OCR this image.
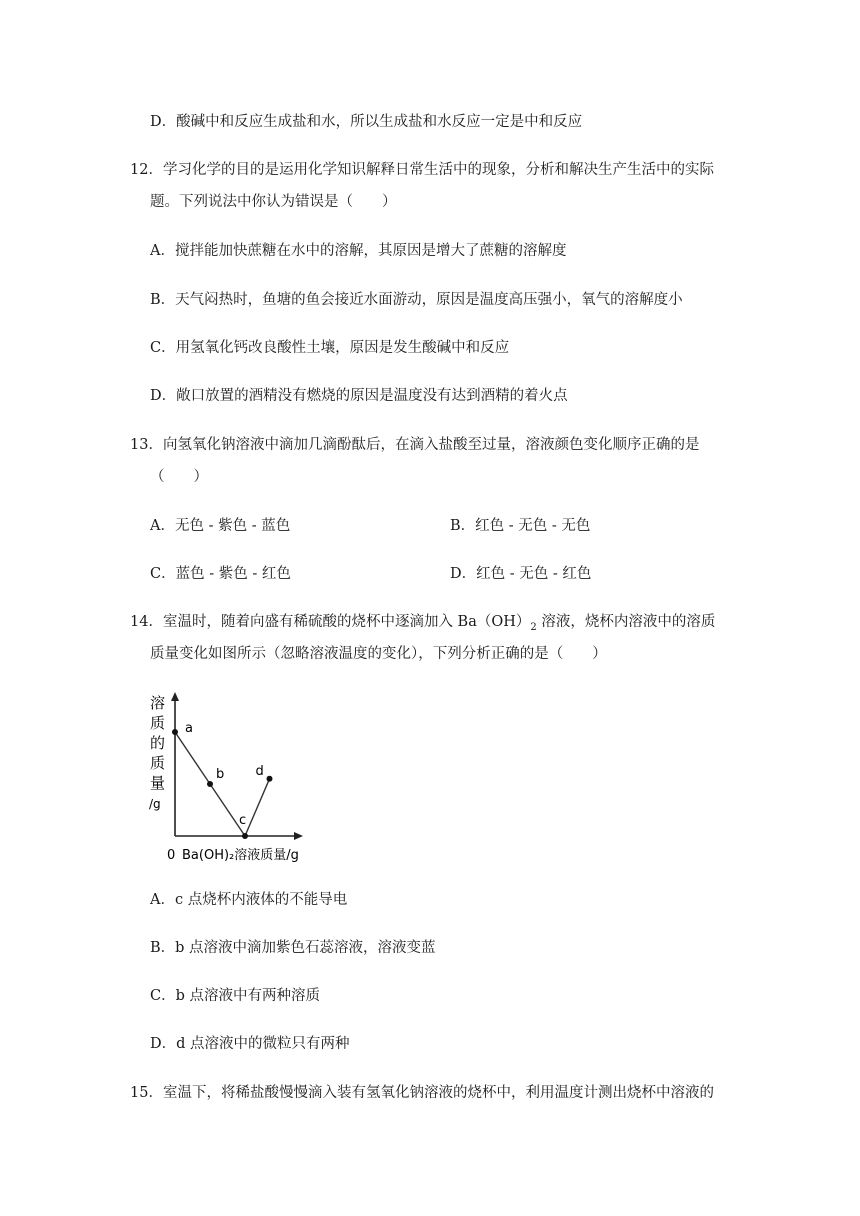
D．酸碱中和反应生成盐和水，所以生成盐和水反应一定是中和反应
12．学习化学的目的是运用化学知识解释日常生活中的现象，分析和解决生产生活中的实际
题。下列说法中你认为错误是（　　）
A．搅拌能加快蔗糖在水中的溶解，其原因是增大了蔗糖的溶解度
B．天气闷热时，鱼塘的鱼会接近水面游动，原因是温度高压强小，氧气的溶解度小
C．用氢氧化钙改良酸性土壤，原因是发生酸碱中和反应
D．敞口放置的酒精没有燃烧的原因是温度没有达到酒精的着火点
13．向氢氧化钠溶液中滴加几滴酚酞后，在滴入盐酸至过量，溶液颜色变化顺序正确的是
（　　）
A．无色 - 紫色 - 蓝色	B．红色 - 无色 - 无色
C．蓝色 - 紫色 - 红色	D．红色 - 无色 - 红色
14．室温时，随着向盛有稀硫酸的烧杯中逐滴加入 $Ba(OH)_2$ 溶液，烧杯内溶液中的溶质
质量变化如图所示（忽略溶液温度的变化），下列分析正确的是（　　）
溶
质
的
质
量
/g
a
b
c
d
0 Ba(OH)₂溶液质量/g
A．c 点烧杯内液体的不能导电
B．b 点溶液中滴加紫色石蕊溶液，溶液变蓝
C．b 点溶液中有两种溶质
D．d 点溶液中的微粒只有两种
15．室温下，将稀盐酸慢慢滴入装有氢氧化钠溶液的烧杯中，利用温度计测出烧杯中溶液的
